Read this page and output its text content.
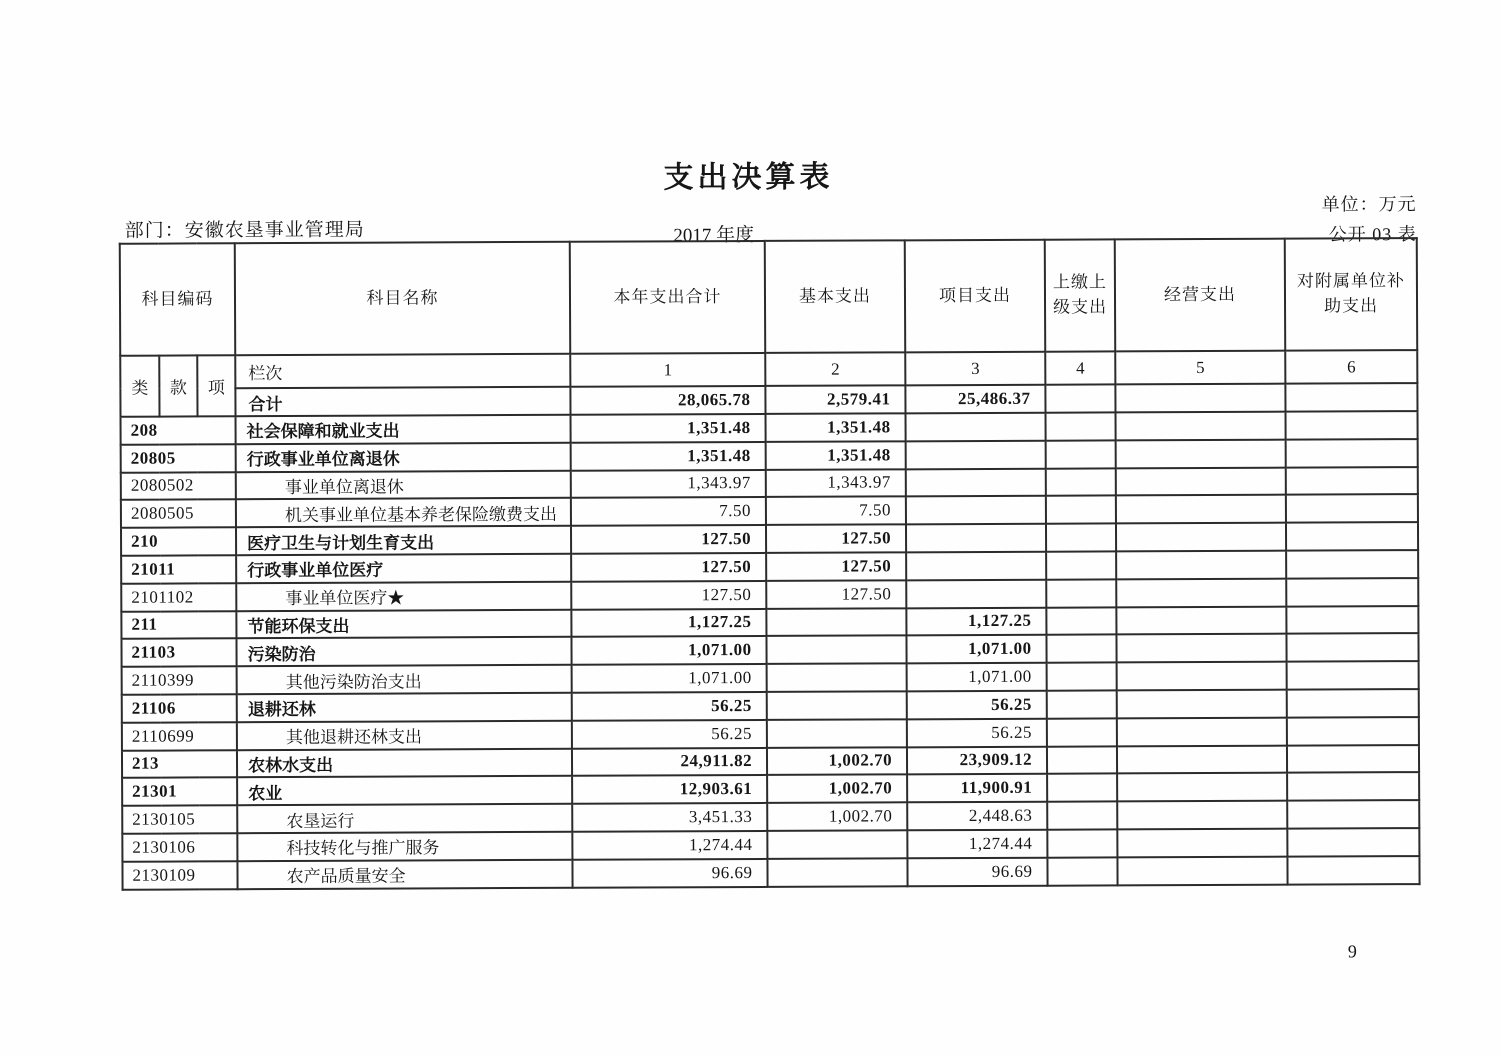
支出决算表
部门：安徽农垦事业管理局	2017 年度
单位：万元
公开 03 表
科目编码			科目名称	本年支出合计	基本支出	项目支出	上缴上级支出	经营支出	对附属单位补助支出
类	款	项	栏次	1	2	3	4	5	6
			合计	28,065.78	2,579.41	25,486.37			
208			社会保障和就业支出	1,351.48	1,351.48				
20805			行政事业单位离退休	1,351.48	1,351.48				
2080502			事业单位离退休	1,343.97	1,343.97				
2080505			机关事业单位基本养老保险缴费支出	7.50	7.50				
210			医疗卫生与计划生育支出	127.50	127.50				
21011			行政事业单位医疗	127.50	127.50				
2101102			事业单位医疗★	127.50	127.50				
211			节能环保支出	1,127.25		1,127.25			
21103			污染防治	1,071.00		1,071.00			
2110399			其他污染防治支出	1,071.00		1,071.00			
21106			退耕还林	56.25		56.25			
2110699			其他退耕还林支出	56.25		56.25			
213			农林水支出	24,911.82	1,002.70	23,909.12			
21301			农业	12,903.61	1,002.70	11,900.91			
2130105			农垦运行	3,451.33	1,002.70	2,448.63			
2130106			科技转化与推广服务	1,274.44		1,274.44			
2130109			农产品质量安全	96.69		96.69			
9
